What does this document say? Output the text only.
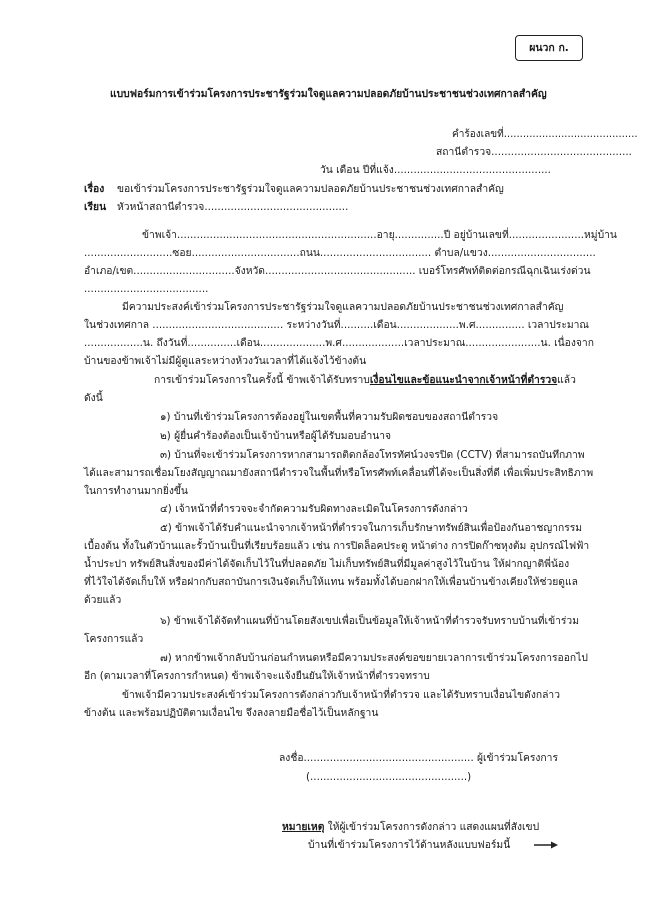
ผนวก ก.
แบบฟอร์มการเข้าร่วมโครงการประชารัฐร่วมใจดูแลความปลอดภัยบ้านประชาชนช่วงเทศกาลสำคัญ
คำร้องเลขที่..........................................
สถานีตำรวจ...........................................
วัน เดือน ปีที่แจ้ง................................................
เรื่อง ขอเข้าร่วมโครงการประชารัฐร่วมใจดูแลความปลอดภัยบ้านประชาชนช่วงเทศกาลสำคัญ
เรียน หัวหน้าสถานีตำรวจ............................................
ข้าพเจ้า.............................................................อายุ...............ปี อยู่บ้านเลขที่.......................หมู่บ้าน
...........................ซอย.................................ถนน.................................. ตำบล/แขวง.................................
อำเภอ/เขต...............................จังหวัด.............................................. เบอร์โทรศัพท์ติดต่อกรณีฉุกเฉินเร่งด่วน
......................................
มีความประสงค์เข้าร่วมโครงการประชารัฐร่วมใจดูแลความปลอดภัยบ้านประชาชนช่วงเทศกาลสำคัญ
ในช่วงเทศกาล ........................................ ระหว่างวันที่..........เดือน...................พ.ศ............... เวลาประมาณ
..................น. ถึงวันที่...............เดือน....................พ.ศ...................เวลาประมาณ.......................น. เนื่องจาก
บ้านของข้าพเจ้าไม่มีผู้ดูแลระหว่างห้วงวันเวลาที่ได้แจ้งไว้ข้างต้น
การเข้าร่วมโครงการในครั้งนี้ ข้าพเจ้าได้รับทราบเงื่อนไขและข้อแนะนำจากเจ้าหน้าที่ตำรวจแล้ว
ดังนี้
๑) บ้านที่เข้าร่วมโครงการต้องอยู่ในเขตพื้นที่ความรับผิดชอบของสถานีตำรวจ
๒) ผู้ยื่นคำร้องต้องเป็นเจ้าบ้านหรือผู้ได้รับมอบอำนาจ
๓) บ้านที่จะเข้าร่วมโครงการหากสามารถติดกล้องโทรทัศน์วงจรปิด (CCTV) ที่สามารถบันทึกภาพ
ได้และสามารถเชื่อมโยงสัญญาณมายังสถานีตำรวจในพื้นที่หรือโทรศัพท์เคลื่อนที่ได้จะเป็นสิ่งที่ดี เพื่อเพิ่มประสิทธิภาพ
ในการทำงานมากยิ่งขึ้น
๔) เจ้าหน้าที่ตำรวจจะจำกัดความรับผิดทางละเมิดในโครงการดังกล่าว
๕) ข้าพเจ้าได้รับคำแนะนำจากเจ้าหน้าที่ตำรวจในการเก็บรักษาทรัพย์สินเพื่อป้องกันอาชญากรรม
เบื้องต้น ทั้งในตัวบ้านและรั้วบ้านเป็นที่เรียบร้อยแล้ว เช่น การปิดล็อคประตู หน้าต่าง การปิดก๊าซหุงต้ม อุปกรณ์ไฟฟ้า
น้ำประปา ทรัพย์สินสิ่งของมีค่าได้จัดเก็บไว้ในที่ปลอดภัย ไม่เก็บทรัพย์สินที่มีมูลค่าสูงไว้ในบ้าน ให้ฝากญาติพี่น้อง
ที่ไว้ใจได้จัดเก็บให้ หรือฝากกับสถาบันการเงินจัดเก็บให้แทน พร้อมทั้งได้บอกฝากให้เพื่อนบ้านข้างเคียงให้ช่วยดูแล
ด้วยแล้ว
๖) ข้าพเจ้าได้จัดทำแผนที่บ้านโดยสังเขปเพื่อเป็นข้อมูลให้เจ้าหน้าที่ตำรวจรับทราบบ้านที่เข้าร่วม
โครงการแล้ว
๗) หากข้าพเจ้ากลับบ้านก่อนกำหนดหรือมีความประสงค์ขอขยายเวลาการเข้าร่วมโครงการออกไป
อีก (ตามเวลาที่โครงการกำหนด) ข้าพเจ้าจะแจ้งยืนยันให้เจ้าหน้าที่ตำรวจทราบ
ข้าพเจ้ามีความประสงค์เข้าร่วมโครงการดังกล่าวกับเจ้าหน้าที่ตำรวจ และได้รับทราบเงื่อนไขดังกล่าว
ข้างต้น และพร้อมปฏิบัติตามเงื่อนไข จึงลงลายมือชื่อไว้เป็นหลักฐาน
ลงชื่อ.................................................... ผู้เข้าร่วมโครงการ
(................................................)
หมายเหตุ ให้ผู้เข้าร่วมโครงการดังกล่าว แสดงแผนที่สังเขป
บ้านที่เข้าร่วมโครงการไว้ด้านหลังแบบฟอร์มนี้
